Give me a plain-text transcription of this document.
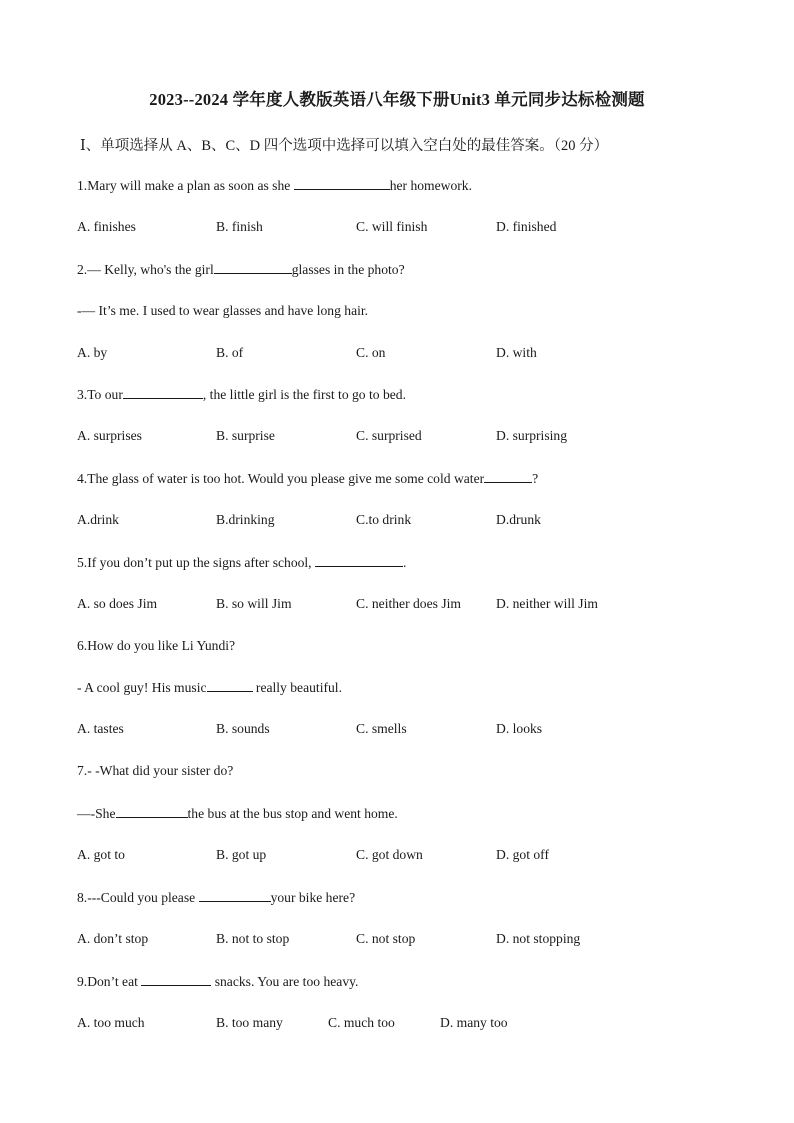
2023--2024 学年度人教版英语八年级下册Unit3 单元同步达标检测题
Ⅰ、单项选择从 A、B、C、D 四个选项中选择可以填入空白处的最佳答案。（20 分）
1.Mary will make a plan as soon as she	her homework.
A. finishes	B. finish	C. will finish	D. finished
2.— Kelly, who's the girl	glasses in the photo?
-— It’s me. I used to wear glasses and have long hair.
A. by	B. of	C. on	D. with
3.To our	, the little girl is the first to go to bed.
A. surprises	B. surprise	C. surprised	D. surprising
4.The glass of water is too hot. Would you please give me some cold water	?
A.drink	B.drinking	C.to drink	D.drunk
5.If you don’t put up the signs after school,	.
A. so does Jim	B. so will Jim	C. neither does Jim	D. neither will Jim
6.How do you like Li Yundi?
- A cool guy! His music	really beautiful.
A. tastes	B. sounds	C. smells	D. looks
7.- -What did your sister do?
—-She	the bus at the bus stop and went home.
A. got to	B. got up	C. got down	D. got off
8.---Could you please	your bike here?
A. don’t stop	B. not to stop	C. not stop	D. not stopping
9.Don’t eat	snacks. You are too heavy.
A. too much	B. too many	C. much too	D. many too
